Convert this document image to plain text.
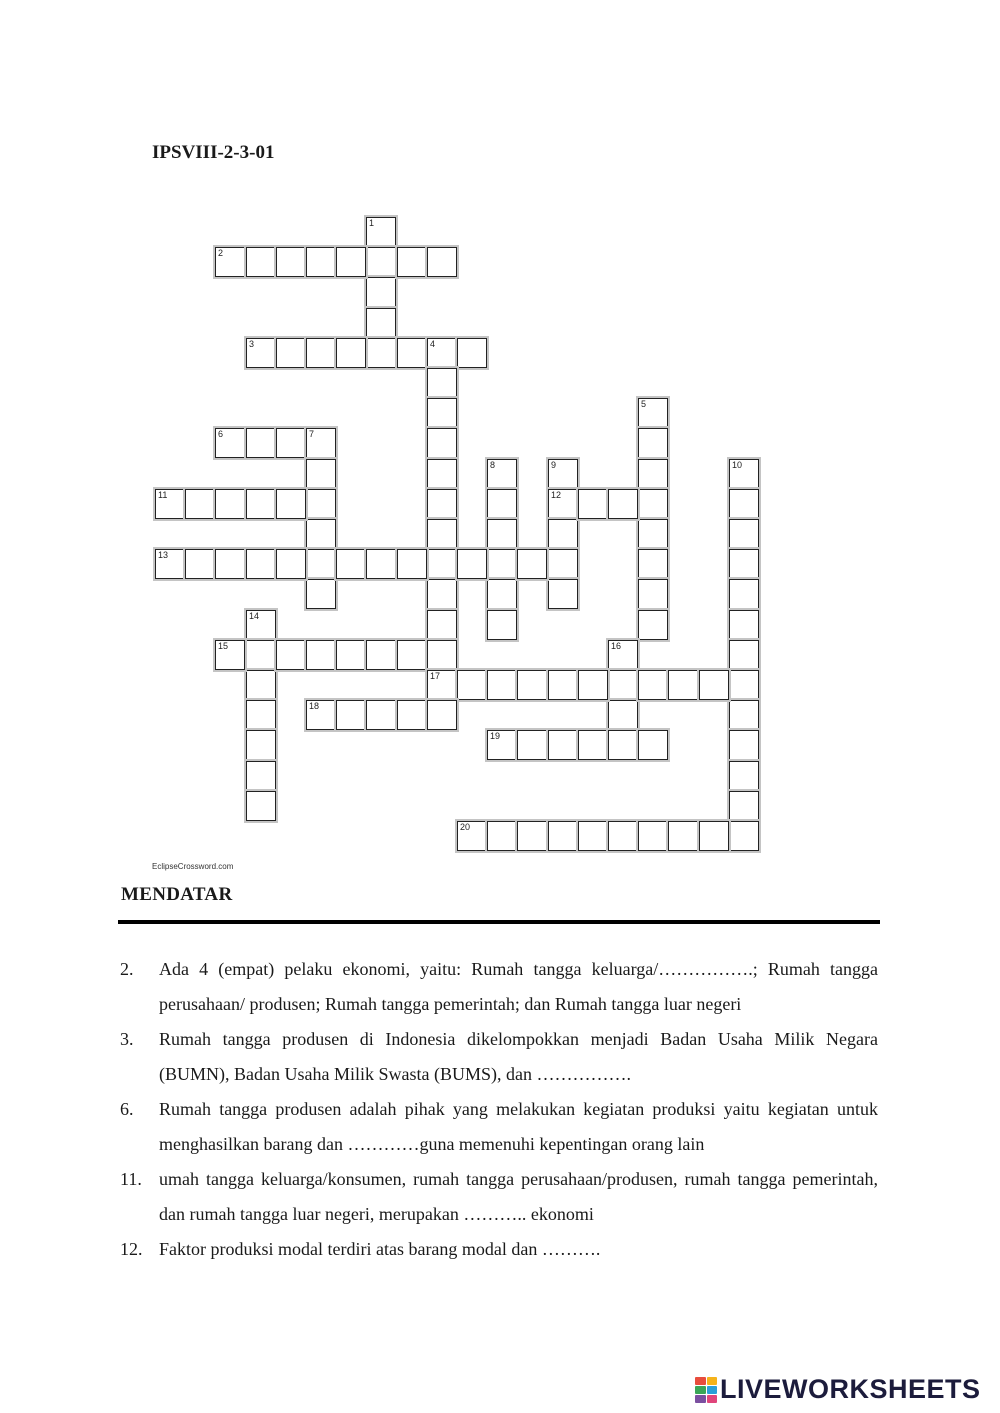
IPSVIII-2-3-01
1
2
3	4
5
6	7
8	9
12
10
11
13
14
15	16
17
18
19
20
EclipseCrossword.com
MENDATAR
2.	Ada 4 (empat) pelaku ekonomi, yaitu: Rumah tangga keluarga/…………….; Rumah tangga perusahaan/ produsen; Rumah tangga pemerintah; dan Rumah tangga luar negeri
3.	Rumah tangga produsen di Indonesia dikelompokkan menjadi Badan Usaha Milik Negara (BUMN), Badan Usaha Milik Swasta (BUMS), dan …………….
6.	Rumah tangga produsen adalah pihak yang melakukan kegiatan produksi yaitu kegiatan untuk menghasilkan barang dan …………guna memenuhi kepentingan orang lain
11. umah tangga keluarga/konsumen, rumah tangga perusahaan/produsen, rumah tangga pemerintah, dan rumah tangga luar negeri, merupakan ……….. ekonomi
12. Faktor produksi modal terdiri atas barang modal dan ……….
LIVEWORKSHEETS
